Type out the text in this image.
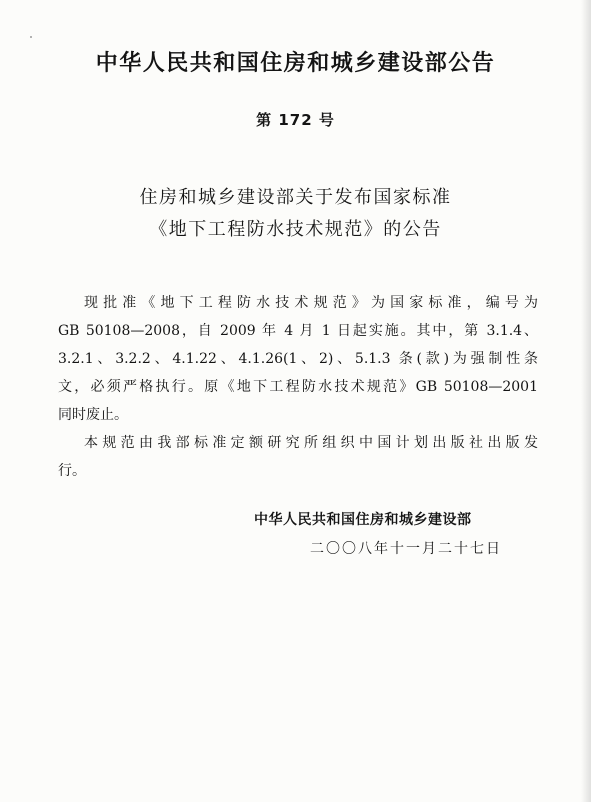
中华人民共和国住房和城乡建设部公告
第 172 号
住房和城乡建设部关于发布国家标准
《地下工程防水技术规范》的公告
现批准《地下工程防水技术规范》为国家标准，编号为
GB 50108—2008，自 2009 年 4 月 1 日起实施。其中，第 3.1.4、
3.2.1、3.2.2、4.1.22、4.1.26(1、2)、5.1.3 条(款)为强制性条
文，必须严格执行。原《地下工程防水技术规范》GB 50108—2001
同时废止。
本规范由我部标准定额研究所组织中国计划出版社出版发
行。
中华人民共和国住房和城乡建设部
二〇〇八年十一月二十七日
